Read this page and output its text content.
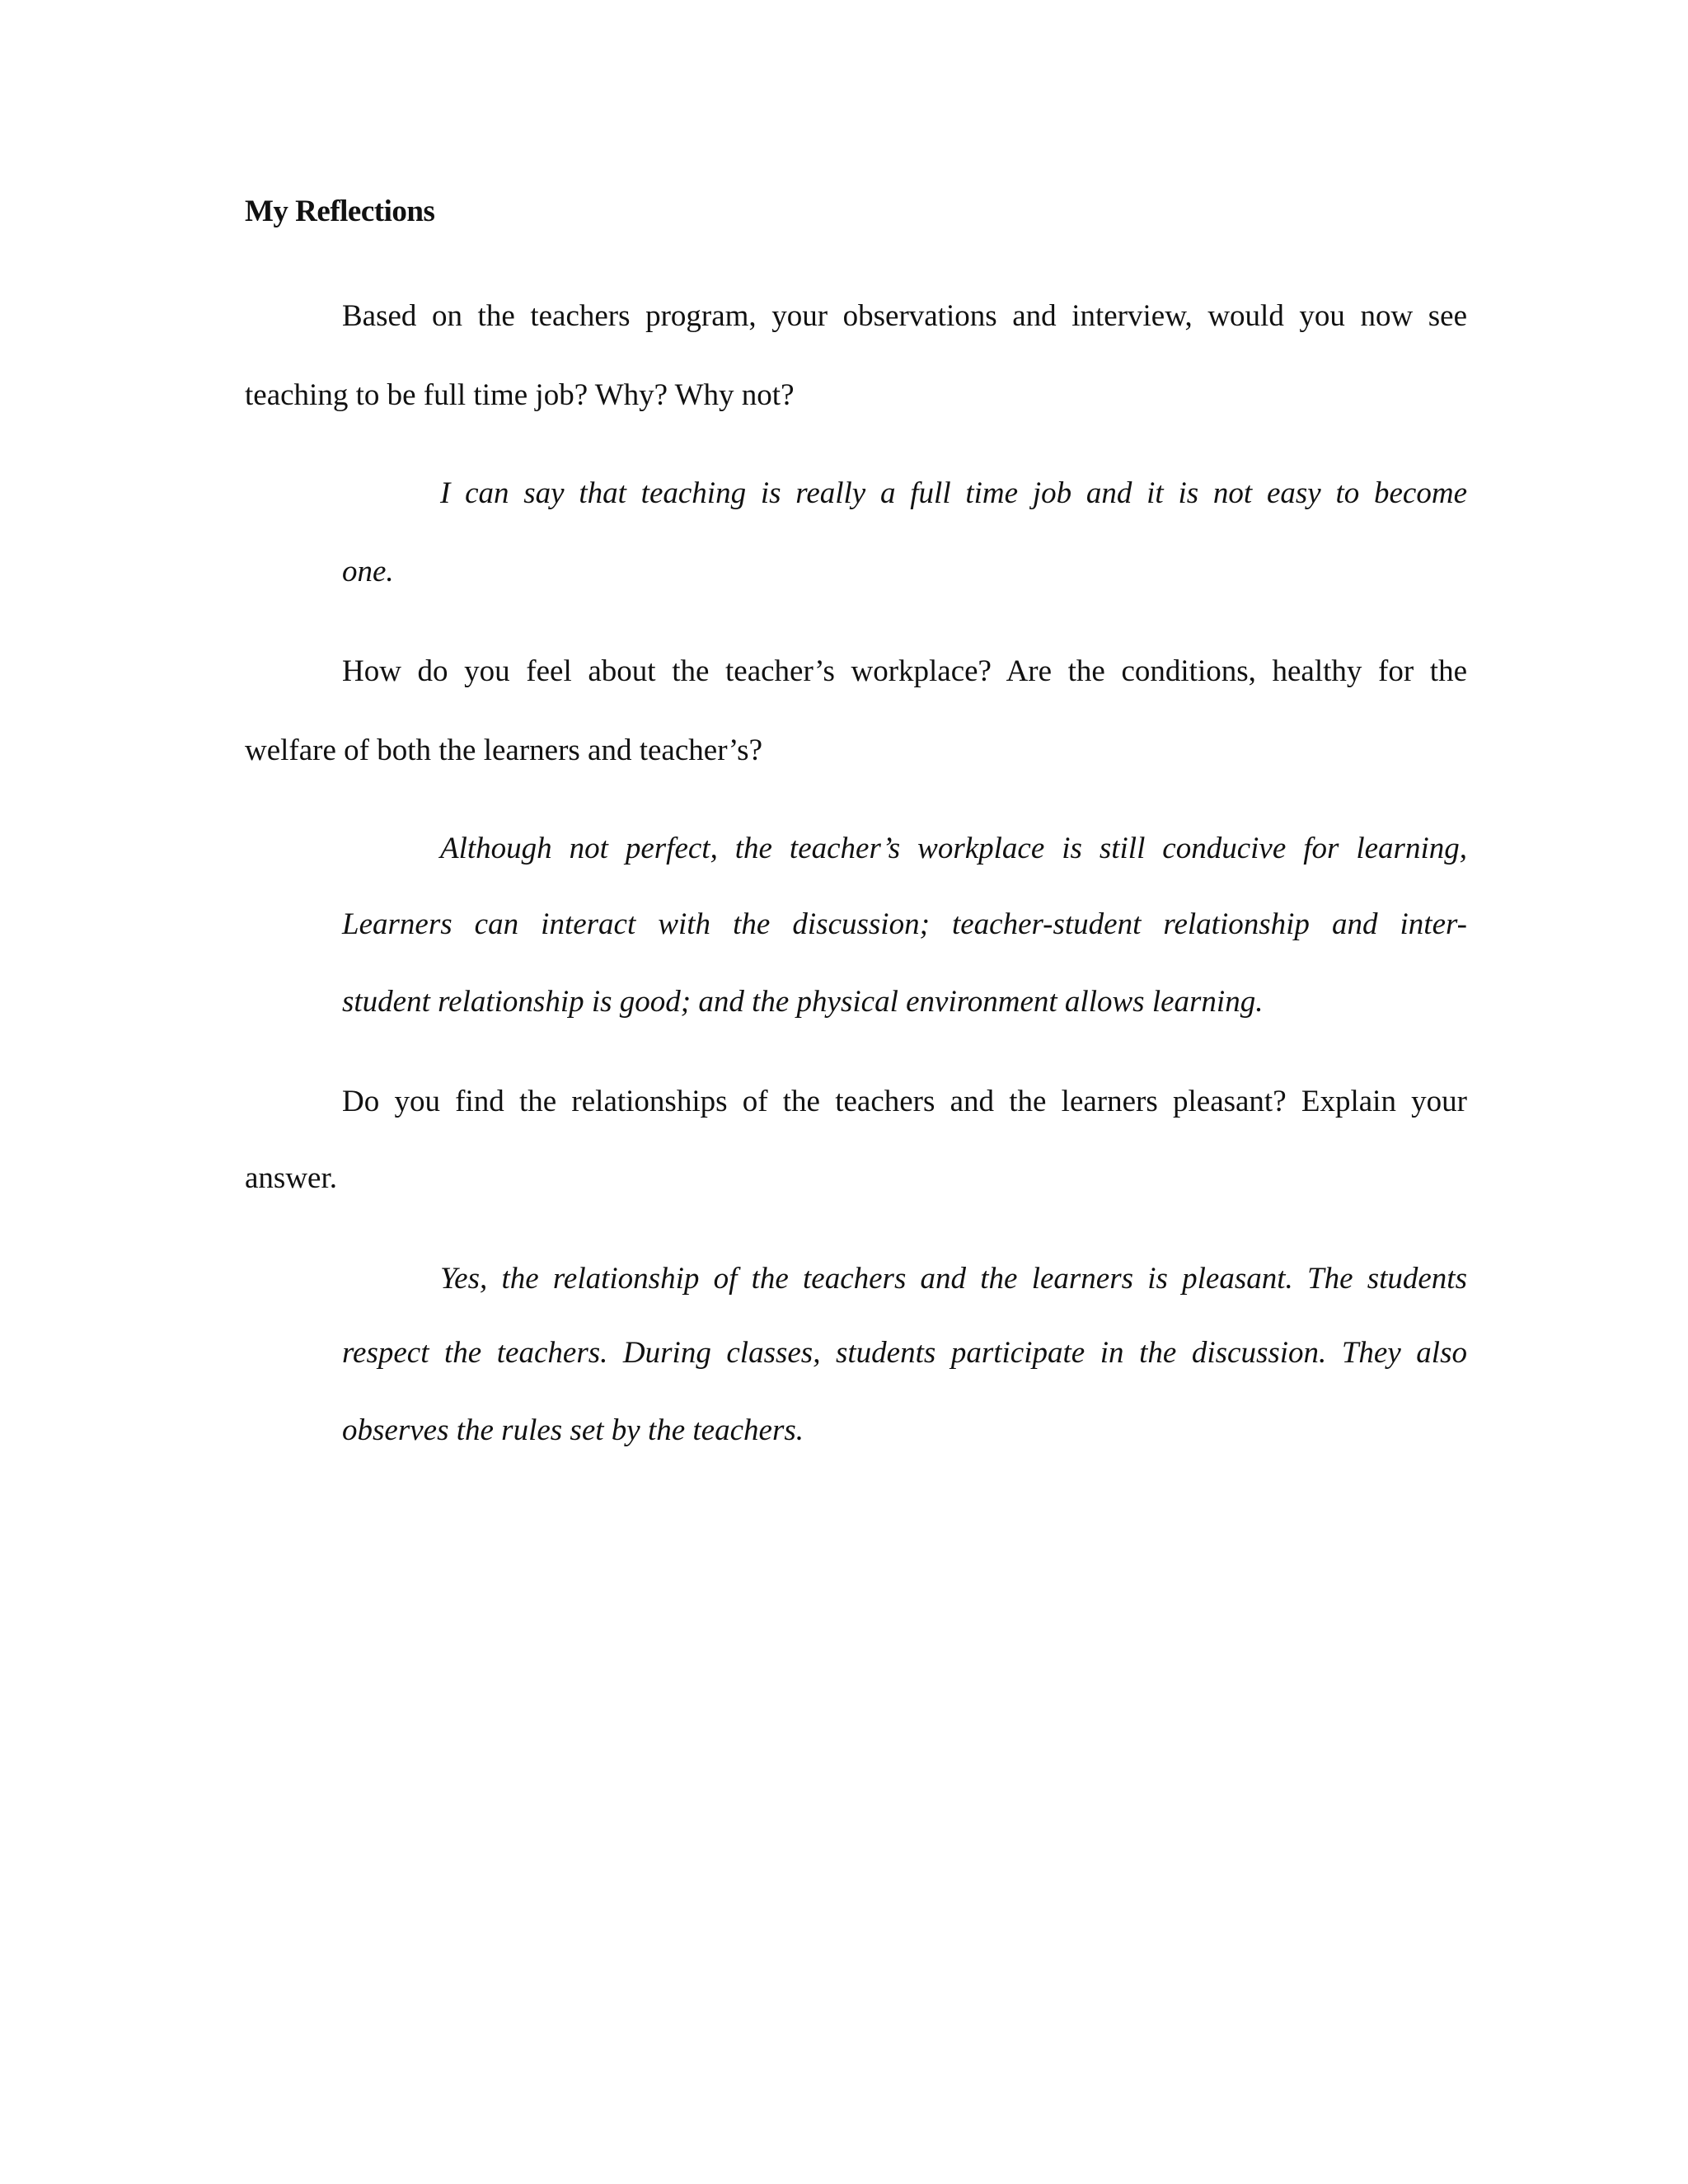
My Reflections
Based on the teachers program, your observations and interview, would you now see
teaching to be full time job? Why? Why not?
I can say that teaching is really a full time job and it is not easy to become
one.
How do you feel about the teacher’s workplace? Are the conditions, healthy for the
welfare of both the learners and teacher’s?
Although not perfect, the teacher’s workplace is still conducive for learning,
Learners can interact with the discussion; teacher-student relationship and inter-
student relationship is good; and the physical environment allows learning.
Do you find the relationships of the teachers and the learners pleasant? Explain your
answer.
Yes, the relationship of the teachers and the learners is pleasant. The students
respect the teachers. During classes, students participate in the discussion. They also
observes the rules set by the teachers.
